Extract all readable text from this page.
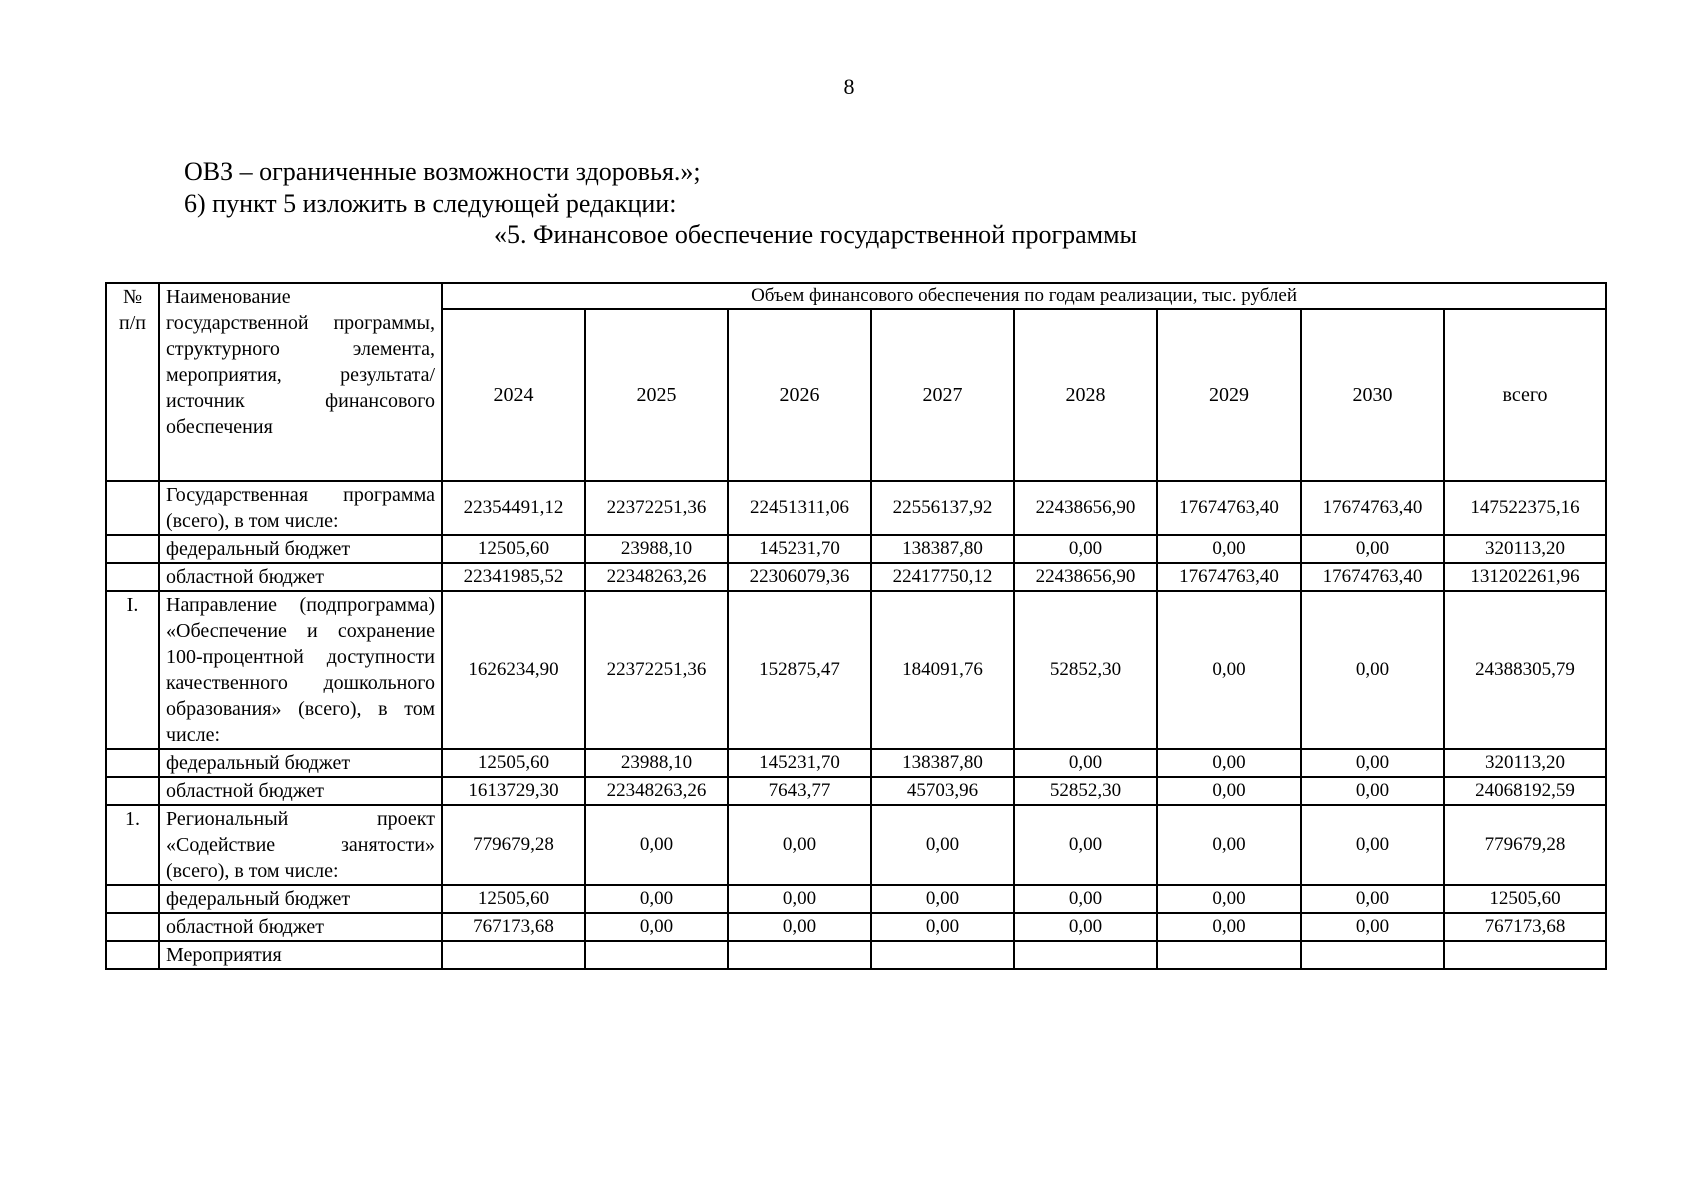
8
ОВЗ – ограниченные возможности здоровья.»;
6) пункт 5 изложить в следующей редакции:
«5. Финансовое обеспечение государственной программы
№ п/п	Наименование государственной программы, структурного элемента, мероприятия, результата/ источник финансового обеспечения	Объем финансового обеспечения по годам реализации, тыс. рублей							
		2024	2025	2026	2027	2028	2029	2030	всего
	Государственная программа (всего), в том числе:	22354491,12	22372251,36	22451311,06	22556137,92	22438656,90	17674763,40	17674763,40	147522375,16
	федеральный бюджет	12505,60	23988,10	145231,70	138387,80	0,00	0,00	0,00	320113,20
	областной бюджет	22341985,52	22348263,26	22306079,36	22417750,12	22438656,90	17674763,40	17674763,40	131202261,96
I.	Направление (подпрограмма) «Обеспечение и сохранение 100-процентной доступности качественного дошкольного образования» (всего), в том числе:	1626234,90	22372251,36	152875,47	184091,76	52852,30	0,00	0,00	24388305,79
	федеральный бюджет	12505,60	23988,10	145231,70	138387,80	0,00	0,00	0,00	320113,20
	областной бюджет	1613729,30	22348263,26	7643,77	45703,96	52852,30	0,00	0,00	24068192,59
1.	Региональный проект «Содействие занятости» (всего), в том числе:	779679,28	0,00	0,00	0,00	0,00	0,00	0,00	779679,28
	федеральный бюджет	12505,60	0,00	0,00	0,00	0,00	0,00	0,00	12505,60
	областной бюджет	767173,68	0,00	0,00	0,00	0,00	0,00	0,00	767173,68
	Мероприятия								
